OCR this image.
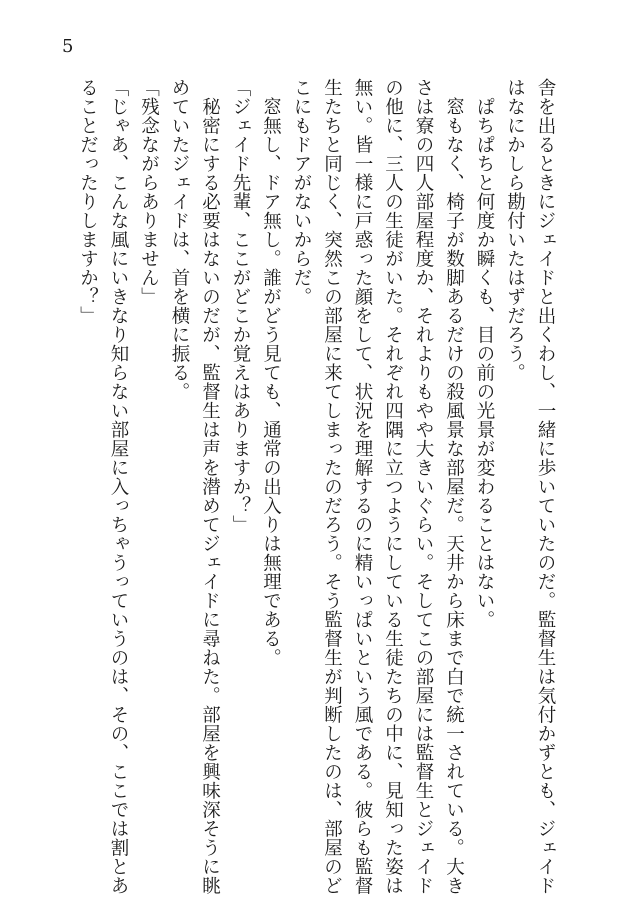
5

舎を出るときにジェイドと出くわし、一緒に歩いていたのだ。監督生は気付かずとも、ジェイド

はなにかしら勘付いたはずだろう。

　ぱちぱちと何度か瞬くも、目の前の光景が変わることはない。

　窓もなく、椅子が数脚あるだけの殺風景な部屋だ。天井から床まで白で統一されている。大き

さは寮の四人部屋程度か、それよりもやや大きいぐらい。そしてこの部屋には監督生とジェイド

の他に、三人の生徒がいた。それぞれ四隅に立つようにしている生徒たちの中に、見知った姿は

無い。皆一様に戸惑った顔をして、状況を理解するのに精いっぱいという風である。彼らも監督

生たちと同じく、突然この部屋に来てしまったのだろう。そう監督生が判断したのは、部屋のど

こにもドアがないからだ。

　窓無し、ドア無し。誰がどう見ても、通常の出入りは無理である。

「ジェイド先輩、ここがどこか覚えはありますか？」

　秘密にする必要はないのだが、監督生は声を潜めてジェイドに尋ねた。部屋を興味深そうに眺

めていたジェイドは、首を横に振る。

「残念ながらありません」

「じゃあ、こんな風にいきなり知らない部屋に入っちゃうっていうのは、その、ここでは割とあ

ることだったりしますか？」
